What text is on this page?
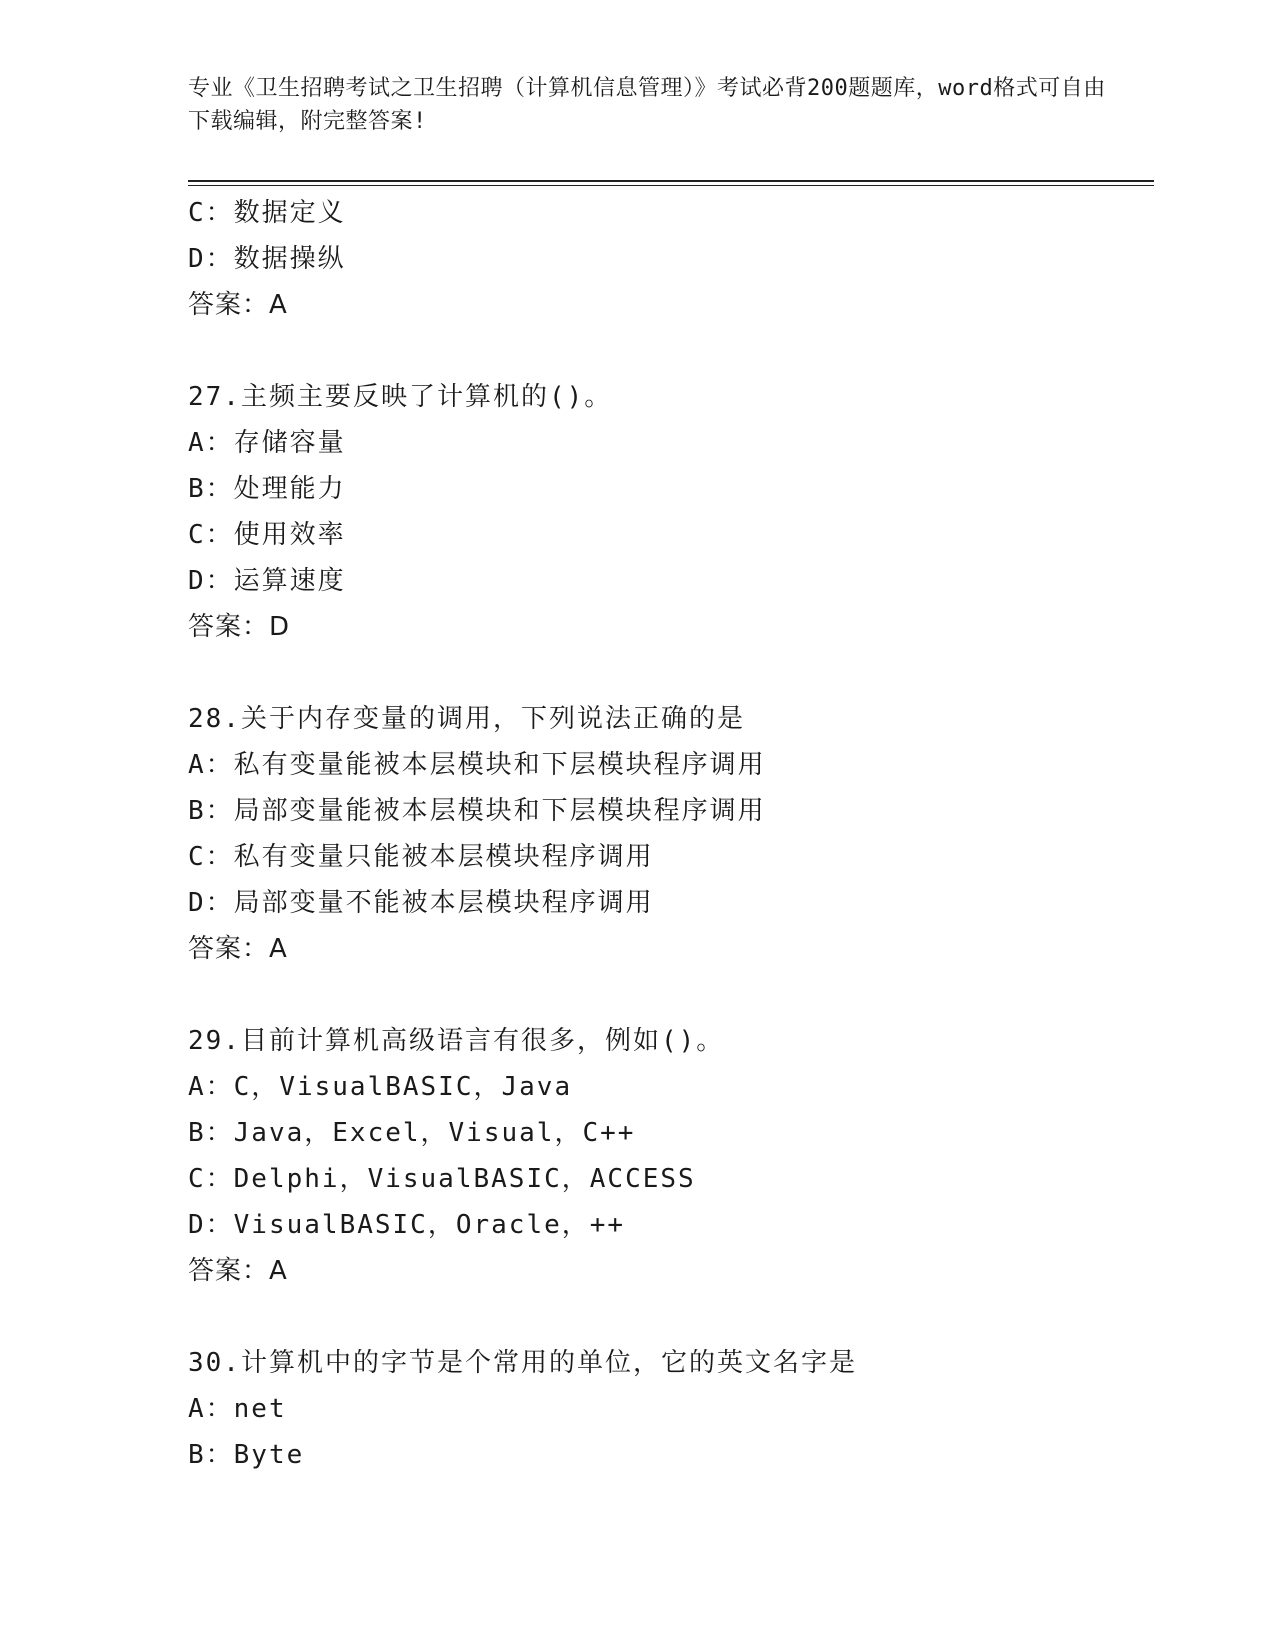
专业《卫生招聘考试之卫生招聘（计算机信息管理）》考试必背200题题库，word格式可自由下载编辑，附完整答案!
C：数据定义
D：数据操纵
答案：A
27.主频主要反映了计算机的()。
A：存储容量
B：处理能力
C：使用效率
D：运算速度
答案：D
28.关于内存变量的调用，下列说法正确的是
A：私有变量能被本层模块和下层模块程序调用
B：局部变量能被本层模块和下层模块程序调用
C：私有变量只能被本层模块程序调用
D：局部变量不能被本层模块程序调用
答案：A
29.目前计算机高级语言有很多，例如()。
A：C，VisualBASIC，Java
B：Java，Excel，Visual，C++
C：Delphi，VisualBASIC，ACCESS
D：VisualBASIC，Oracle，++
答案：A
30.计算机中的字节是个常用的单位，它的英文名字是
A：net
B：Byte
